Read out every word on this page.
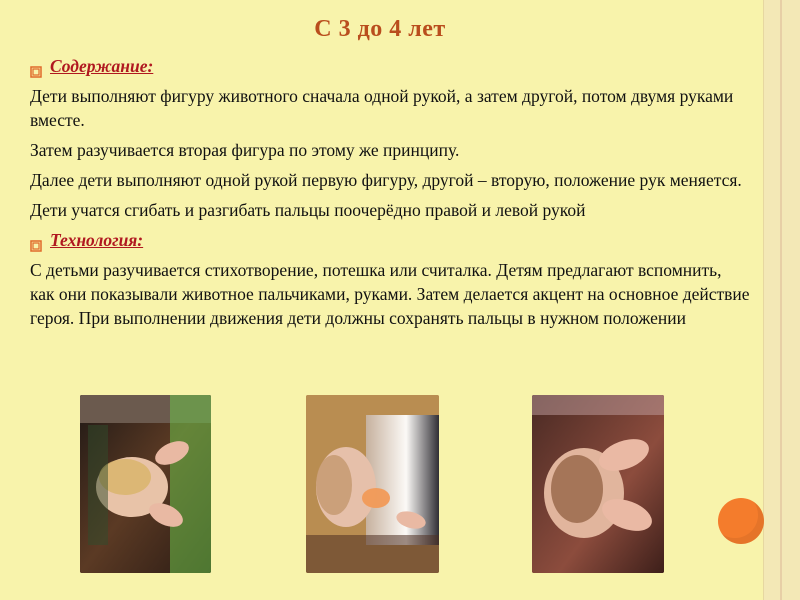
С 3 до 4 лет
Содержание:
Дети выполняют фигуру животного сначала одной рукой, а затем другой, потом двумя руками вместе.
Затем разучивается вторая фигура по этому же принципу.
Далее дети выполняют одной рукой первую фигуру, другой – вторую, положение рук меняется.
Дети учатся сгибать и разгибать пальцы поочерёдно правой и левой рукой
Технология:
С детьми разучивается стихотворение, потешка или считалка. Детям предлагают вспомнить, как они показывали животное пальчиками, руками. Затем делается акцент на основное действие героя. При выполнении движения дети должны сохранять пальцы в нужном положении
